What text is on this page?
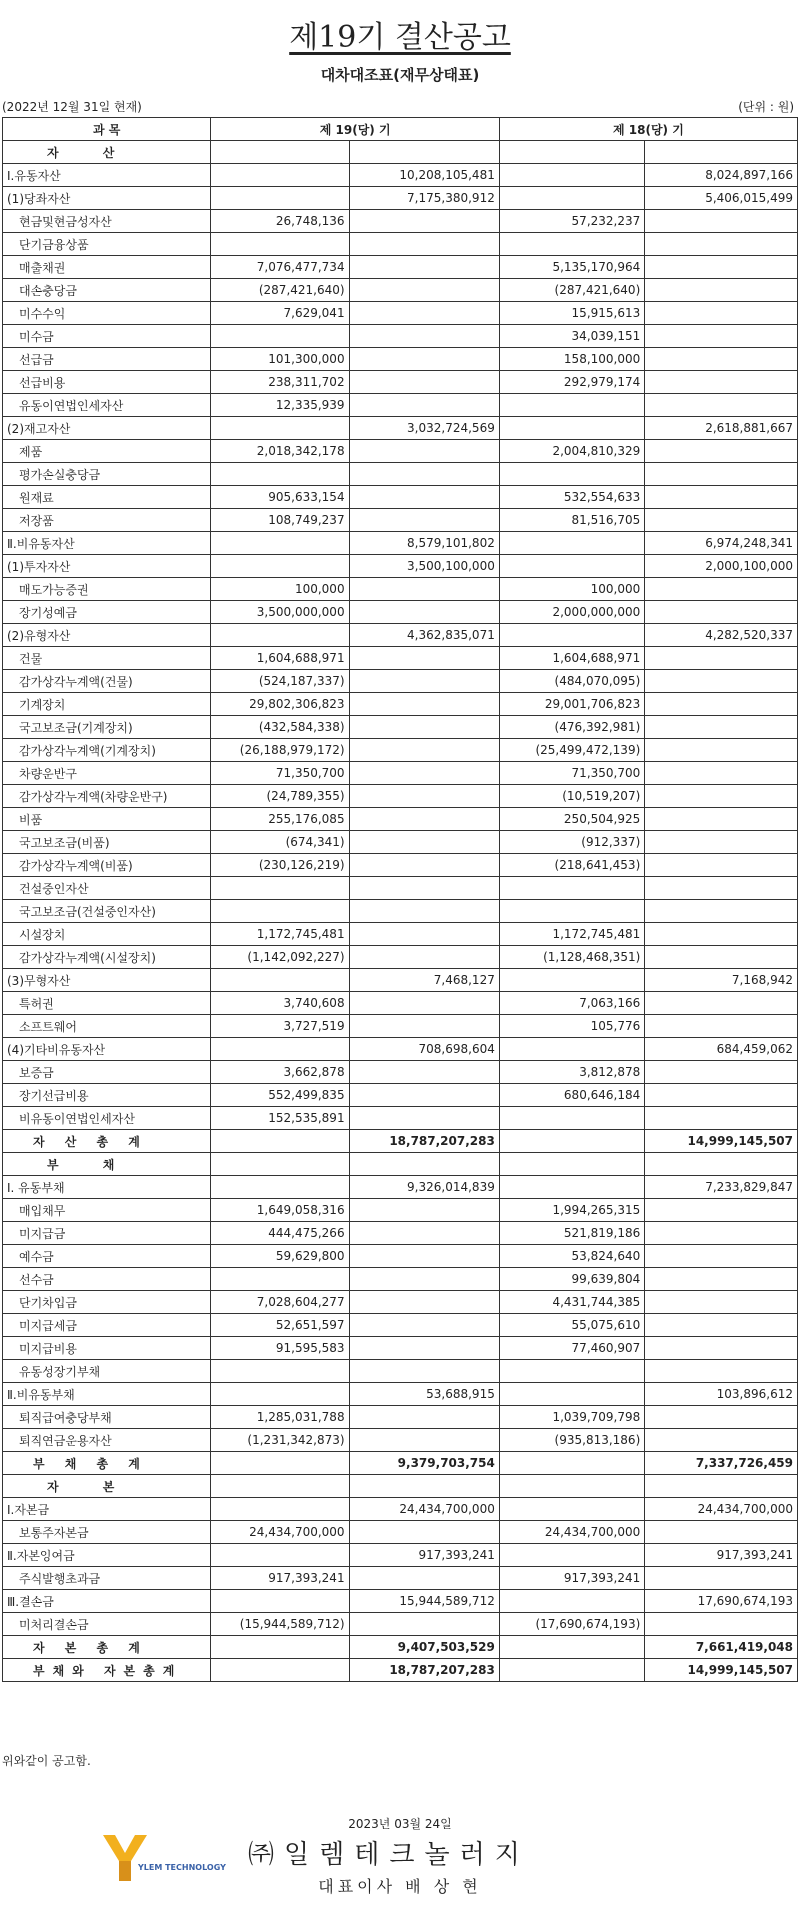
제19기 결산공고
대차대조표(재무상태표)
(2022년 12월 31일 현재)	(단위 : 원)
과 목	제 19(당) 기		제 18(당) 기	
자 산				
Ⅰ.유동자산		10,208,105,481		8,024,897,166
(1)당좌자산		7,175,380,912		5,406,015,499
현금및현금성자산	26,748,136		57,232,237	
단기금융상품				
매출채권	7,076,477,734		5,135,170,964	
대손충당금	(287,421,640)		(287,421,640)	
미수수익	7,629,041		15,915,613	
미수금			34,039,151	
선급금	101,300,000		158,100,000	
선급비용	238,311,702		292,979,174	
유동이연법인세자산	12,335,939			
(2)재고자산		3,032,724,569		2,618,881,667
제품	2,018,342,178		2,004,810,329	
평가손실충당금				
원재료	905,633,154		532,554,633	
저장품	108,749,237		81,516,705	
Ⅱ.비유동자산		8,579,101,802		6,974,248,341
(1)투자자산		3,500,100,000		2,000,100,000
매도가능증권	100,000		100,000	
장기성예금	3,500,000,000		2,000,000,000	
(2)유형자산		4,362,835,071		4,282,520,337
건물	1,604,688,971		1,604,688,971	
감가상각누계액(건물)	(524,187,337)		(484,070,095)	
기계장치	29,802,306,823		29,001,706,823	
국고보조금(기계장치)	(432,584,338)		(476,392,981)	
감가상각누계액(기계장치)	(26,188,979,172)		(25,499,472,139)	
차량운반구	71,350,700		71,350,700	
감가상각누계액(차량운반구)	(24,789,355)		(10,519,207)	
비품	255,176,085		250,504,925	
국고보조금(비품)	(674,341)		(912,337)	
감가상각누계액(비품)	(230,126,219)		(218,641,453)	
건설중인자산				
국고보조금(건설중인자산)				
시설장치	1,172,745,481		1,172,745,481	
감가상각누계액(시설장치)	(1,142,092,227)		(1,128,468,351)	
(3)무형자산		7,468,127		7,168,942
특허권	3,740,608		7,063,166	
소프트웨어	3,727,519		105,776	
(4)기타비유동자산		708,698,604		684,459,062
보증금	3,662,878		3,812,878	
장기선급비용	552,499,835		680,646,184	
비유동이연법인세자산	152,535,891			
자 산 총 계		18,787,207,283		14,999,145,507
부 채				
Ⅰ. 유동부채		9,326,014,839		7,233,829,847
매입채무	1,649,058,316		1,994,265,315	
미지급금	444,475,266		521,819,186	
예수금	59,629,800		53,824,640	
선수금			99,639,804	
단기차입금	7,028,604,277		4,431,744,385	
미지급세금	52,651,597		55,075,610	
미지급비용	91,595,583		77,460,907	
유동성장기부채				
Ⅱ.비유동부채		53,688,915		103,896,612
퇴직급여충당부채	1,285,031,788		1,039,709,798	
퇴직연금운용자산	(1,231,342,873)		(935,813,186)	
부 채 총 계		9,379,703,754		7,337,726,459
자 본				
Ⅰ.자본금		24,434,700,000		24,434,700,000
보통주자본금	24,434,700,000		24,434,700,000	
Ⅱ.자본잉여금		917,393,241		917,393,241
주식발행초과금	917,393,241		917,393,241	
Ⅲ.결손금		15,944,589,712		17,690,674,193
미처리결손금	(15,944,589,712)		(17,690,674,193)	
자 본 총 계		9,407,503,529		7,661,419,048
부채와 자본총계		18,787,207,283		14,999,145,507
위와같이 공고함.
2023년 03월 24일
YLEM TECHNOLOGY ㈜일렘테크놀러지
대표이사 배 상 현
